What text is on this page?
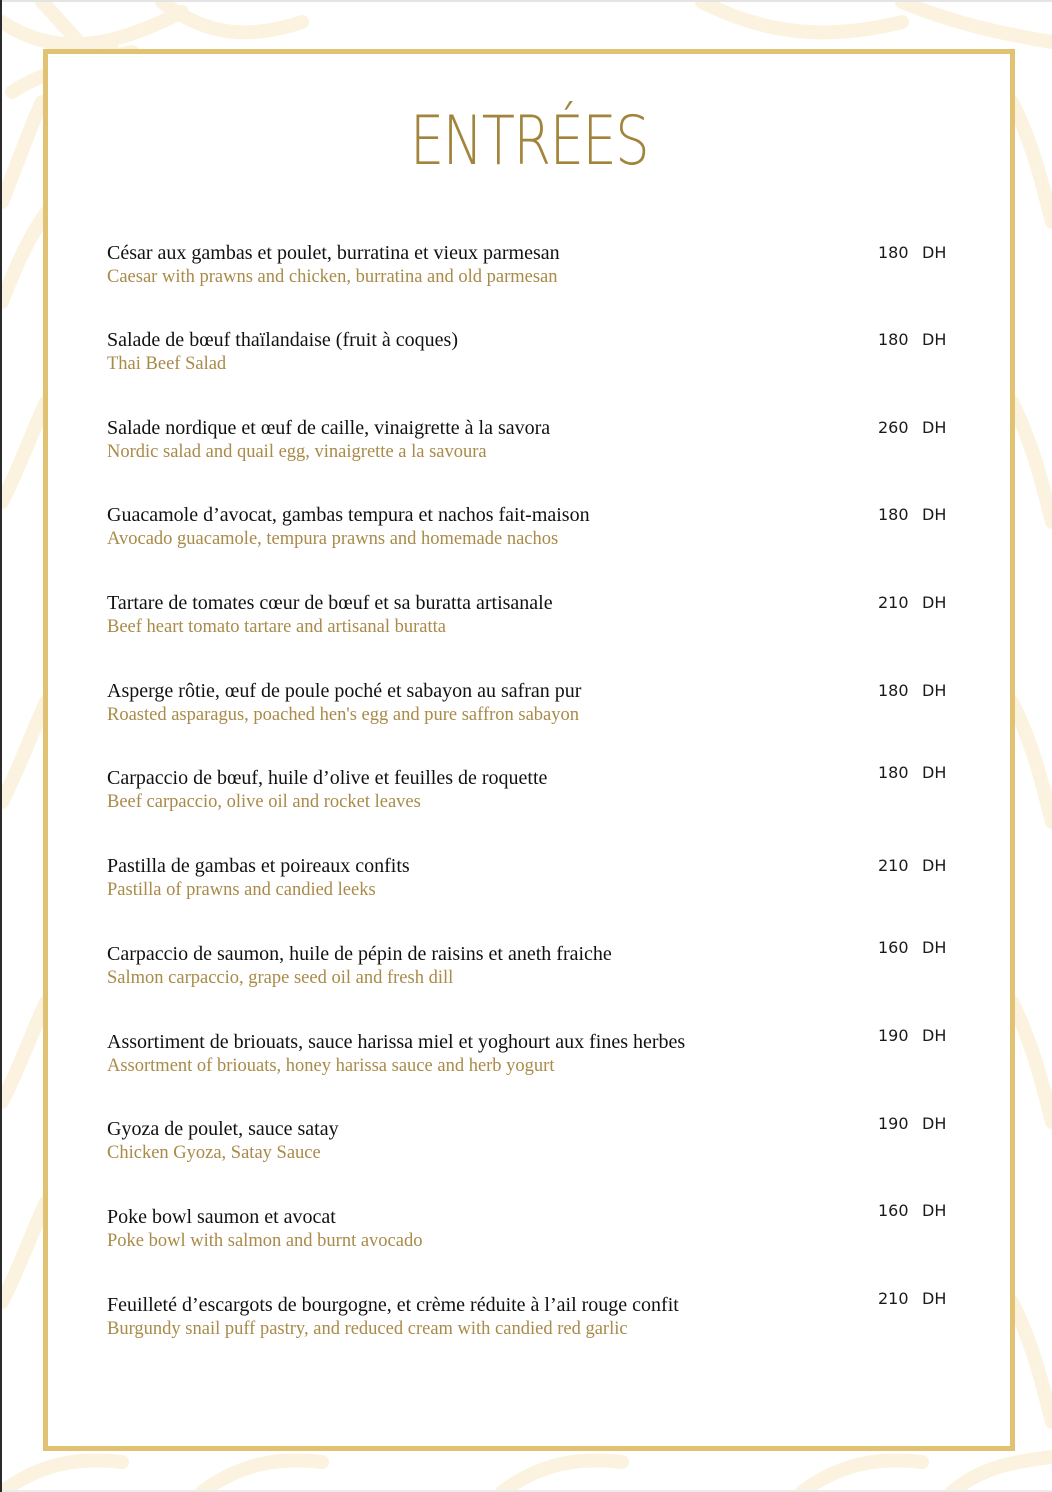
ENTRÉES
César aux gambas et poulet, burratina et vieux parmesan
Caesar with prawns and chicken, burratina and old parmesan
180 DH
Salade de bœuf thaïlandaise (fruit à coques)
Thai Beef Salad
180 DH
Salade nordique et œuf de caille, vinaigrette à la savora
Nordic salad and quail egg, vinaigrette a la savoura
260 DH
Guacamole d’avocat, gambas tempura et nachos fait-maison
Avocado guacamole, tempura prawns and homemade nachos
180 DH
Tartare de tomates cœur de bœuf et sa buratta artisanale
Beef heart tomato tartare and artisanal buratta
210 DH
Asperge rôtie, œuf de poule poché et sabayon au safran pur
Roasted asparagus, poached hen's egg and pure saffron sabayon
180 DH
Carpaccio de bœuf, huile d’olive et feuilles de roquette
Beef carpaccio, olive oil and rocket leaves
180 DH
Pastilla de gambas et poireaux confits
Pastilla of prawns and candied leeks
210 DH
Carpaccio de saumon, huile de pépin de raisins et aneth fraiche
Salmon carpaccio, grape seed oil and fresh dill
160 DH
Assortiment de briouats, sauce harissa miel et yoghourt aux fines herbes
Assortment of briouats, honey harissa sauce and herb yogurt
190 DH
Gyoza de poulet, sauce satay
Chicken Gyoza, Satay Sauce
190 DH
Poke bowl saumon et avocat
Poke bowl with salmon and burnt avocado
160 DH
Feuilleté d’escargots de bourgogne, et crème réduite à l’ail rouge confit
Burgundy snail puff pastry, and reduced cream with candied red garlic
210 DH
